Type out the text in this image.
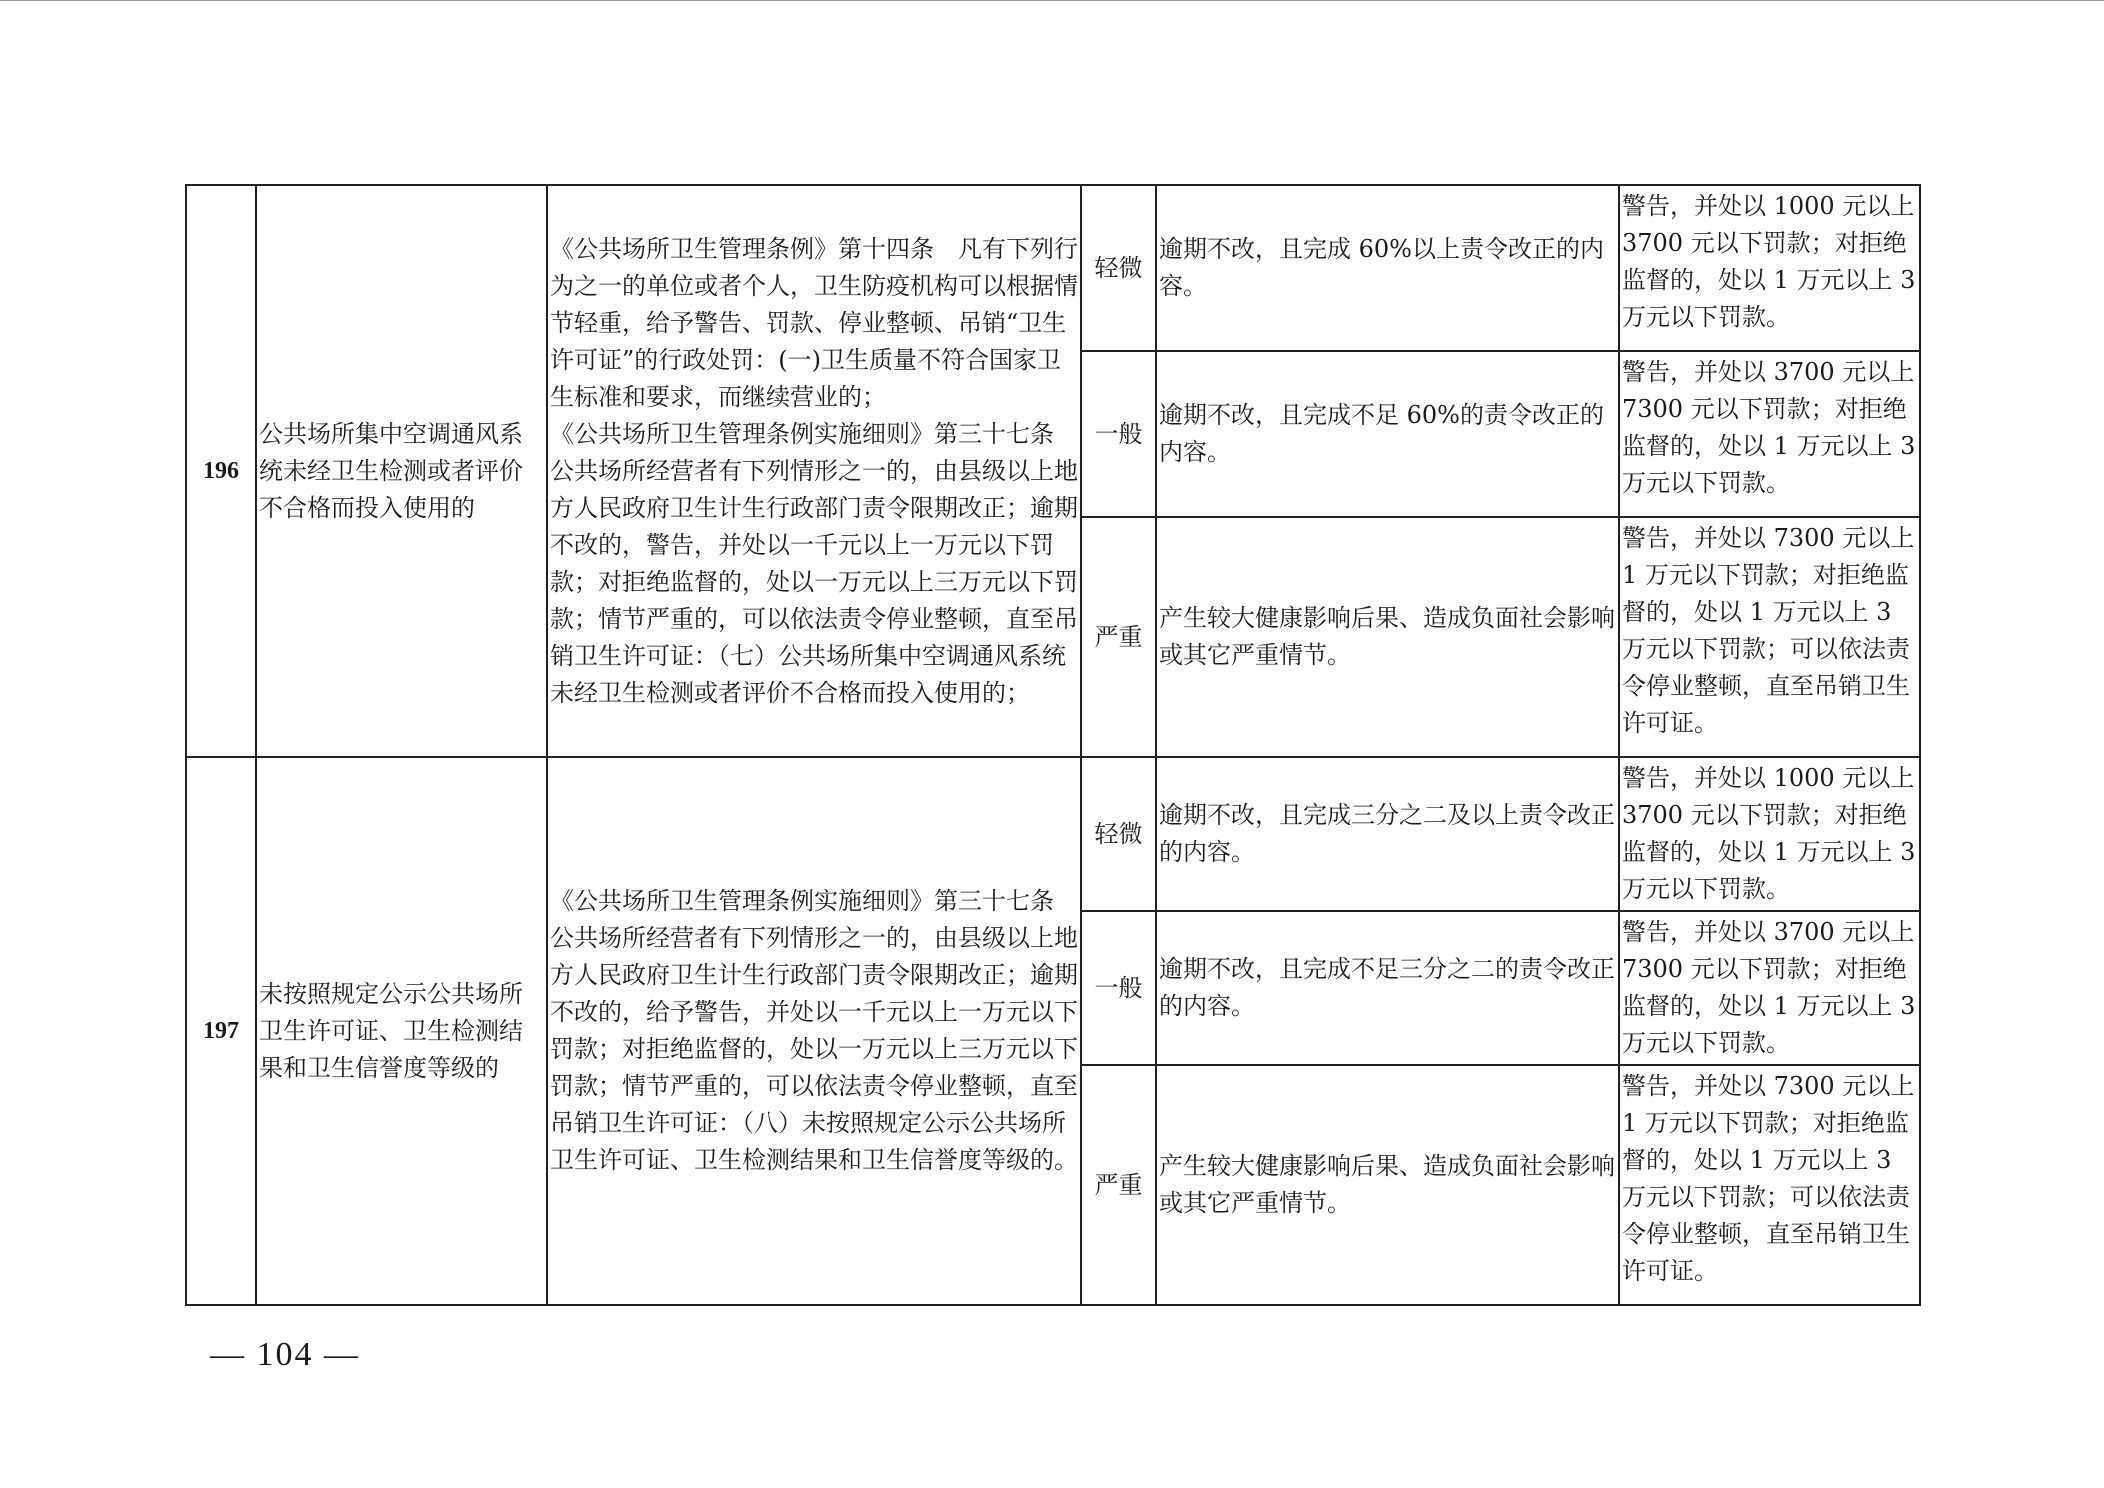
196	公共场所集中空调通风系统未经卫生检测或者评价不合格而投入使用的	《公共场所卫生管理条例》第十四条　凡有下列行为之一的单位或者个人，卫生防疫机构可以根据情节轻重，给予警告、罚款、停业整顿、吊销“卫生许可证”的行政处罚：(一)卫生质量不符合国家卫生标准和要求，而继续营业的；
《公共场所卫生管理条例实施细则》第三十七条　公共场所经营者有下列情形之一的，由县级以上地方人民政府卫生计生行政部门责令限期改正；逾期不改的，警告，并处以一千元以上一万元以下罚款；对拒绝监督的，处以一万元以上三万元以下罚款；情节严重的，可以依法责令停业整顿，直至吊销卫生许可证：（七）公共场所集中空调通风系统未经卫生检测或者评价不合格而投入使用的；	轻微	逾期不改，且完成 60%以上责令改正的内容。	警告，并处以 1000 元以上 3700 元以下罚款；对拒绝监督的，处以 1 万元以上 3 万元以下罚款。
			一般	逾期不改，且完成不足 60%的责令改正的内容。	警告，并处以 3700 元以上 7300 元以下罚款；对拒绝监督的，处以 1 万元以上 3 万元以下罚款。
			严重	产生较大健康影响后果、造成负面社会影响或其它严重情节。	警告，并处以 7300 元以上 1 万元以下罚款；对拒绝监督的，处以 1 万元以上 3 万元以下罚款；可以依法责令停业整顿，直至吊销卫生许可证。
197	未按照规定公示公共场所卫生许可证、卫生检测结果和卫生信誉度等级的	《公共场所卫生管理条例实施细则》第三十七条　公共场所经营者有下列情形之一的，由县级以上地方人民政府卫生计生行政部门责令限期改正；逾期不改的，给予警告，并处以一千元以上一万元以下罚款；对拒绝监督的，处以一万元以上三万元以下罚款；情节严重的，可以依法责令停业整顿，直至吊销卫生许可证：（八）未按照规定公示公共场所卫生许可证、卫生检测结果和卫生信誉度等级的。	轻微	逾期不改，且完成三分之二及以上责令改正的内容。	警告，并处以 1000 元以上 3700 元以下罚款；对拒绝监督的，处以 1 万元以上 3 万元以下罚款。
			一般	逾期不改，且完成不足三分之二的责令改正的内容。	警告，并处以 3700 元以上 7300 元以下罚款；对拒绝监督的，处以 1 万元以上 3 万元以下罚款。
			严重	产生较大健康影响后果、造成负面社会影响或其它严重情节。	警告，并处以 7300 元以上 1 万元以下罚款；对拒绝监督的，处以 1 万元以上 3 万元以下罚款；可以依法责令停业整顿，直至吊销卫生许可证。
— 104 —
